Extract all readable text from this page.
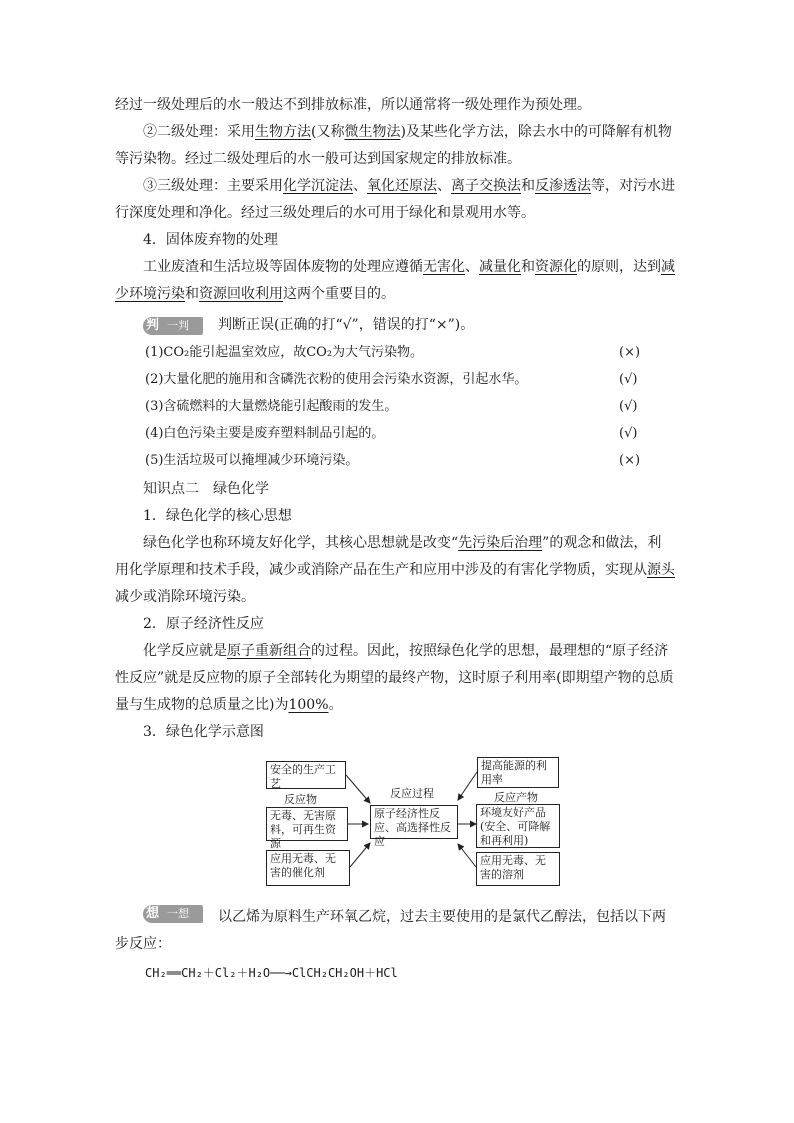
经过一级处理后的水一般达不到排放标准，所以通常将一级处理作为预处理。

②二级处理：采用生物方法(又称微生物法)及某些化学方法，除去水中的可降解有机物等污染物。经过二级处理后的水一般可达到国家规定的排放标准。

③三级处理：主要采用化学沉淀法、氧化还原法、离子交换法和反渗透法等，对污水进行深度处理和净化。经过三级处理后的水可用于绿化和景观用水等。

4．固体废弃物的处理

工业废渣和生活垃圾等固体废物的处理应遵循无害化、减量化和资源化的原则，达到减少环境污染和资源回收利用这两个重要目的。

判 一判 判断正误(正确的打“√”，错误的打“×”)。

(1)CO₂能引起温室效应，故CO₂为大气污染物。	(×)
(2)大量化肥的施用和含磷洗衣粉的使用会污染水资源，引起水华。	(√)
(3)含硫燃料的大量燃烧能引起酸雨的发生。	(√)
(4)白色污染主要是废弃塑料制品引起的。	(√)
(5)生活垃圾可以掩埋减少环境污染。	(×)

知识点二　绿色化学

1．绿色化学的核心思想

绿色化学也称环境友好化学，其核心思想就是改变“先污染后治理”的观念和做法，利用化学原理和技术手段，减少或消除产品在生产和应用中涉及的有害化学物质，实现从源头减少或消除环境污染。

2．原子经济性反应

化学反应就是原子重新组合的过程。因此，按照绿色化学的思想，最理想的“原子经济性反应”就是反应物的原子全部转化为期望的最终产物，这时原子利用率(即期望产物的总质量与生成物的总质量之比)为100%。

3．绿色化学示意图

安全的生产工艺
反应物
无毒、无害原料，可再生资源
应用无毒、无害的催化剂
反应过程
原子经济性反应、高选择性反应
提高能源的利用率
反应产物
环境友好产品(安全、可降解和再利用)
应用无毒、无害的溶剂
想 一想	以乙烯为原料生产环氧乙烷，过去主要使用的是氯代乙醇法，包括以下两步反应：

CH₂══CH₂＋Cl₂＋H₂O──→ClCH₂CH₂OH＋HCl
